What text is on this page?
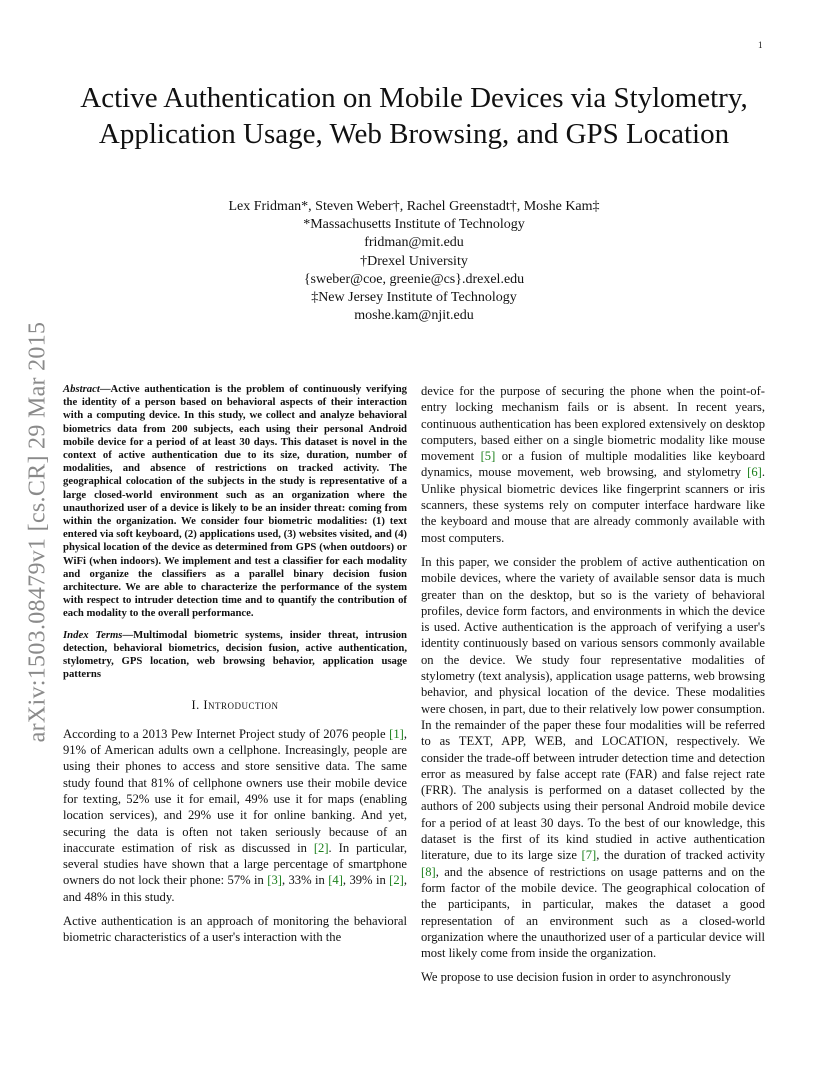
1
arXiv:1503.08479v1 [cs.CR] 29 Mar 2015
Active Authentication on Mobile Devices via Stylometry, Application Usage, Web Browsing, and GPS Location
Lex Fridman*, Steven Weber†, Rachel Greenstadt†, Moshe Kam‡
*Massachusetts Institute of Technology
fridman@mit.edu
†Drexel University
{sweber@coe, greenie@cs}.drexel.edu
‡New Jersey Institute of Technology
moshe.kam@njit.edu

Abstract—Active authentication is the problem of continuously verifying the identity of a person based on behavioral aspects of their interaction with a computing device. In this study, we collect and analyze behavioral biometrics data from 200 subjects, each using their personal Android mobile device for a period of at least 30 days. This dataset is novel in the context of active authentication due to its size, duration, number of modalities, and absence of restrictions on tracked activity. The geographical colocation of the subjects in the study is representative of a large closed-world environment such as an organization where the unauthorized user of a device is likely to be an insider threat: coming from within the organization. We consider four biometric modalities: (1) text entered via soft keyboard, (2) applications used, (3) websites visited, and (4) physical location of the device as determined from GPS (when outdoors) or WiFi (when indoors). We implement and test a classifier for each modality and organize the classifiers as a parallel binary decision fusion architecture. We are able to characterize the performance of the system with respect to intruder detection time and to quantify the contribution of each modality to the overall performance.

Index Terms—Multimodal biometric systems, insider threat, intrusion detection, behavioral biometrics, decision fusion, active authentication, stylometry, GPS location, web browsing behavior, application usage patterns

I. Introduction

According to a 2013 Pew Internet Project study of 2076 people [1], 91% of American adults own a cellphone. Increasingly, people are using their phones to access and store sensitive data. The same study found that 81% of cellphone owners use their mobile device for texting, 52% use it for email, 49% use it for maps (enabling location services), and 29% use it for online banking. And yet, securing the data is often not taken seriously because of an inaccurate estimation of risk as discussed in [2]. In particular, several studies have shown that a large percentage of smartphone owners do not lock their phone: 57% in [3], 33% in [4], 39% in [2], and 48% in this study.

Active authentication is an approach of monitoring the behavioral biometric characteristics of a user's interaction with the

device for the purpose of securing the phone when the point-of-entry locking mechanism fails or is absent. In recent years, continuous authentication has been explored extensively on desktop computers, based either on a single biometric modality like mouse movement [5] or a fusion of multiple modalities like keyboard dynamics, mouse movement, web browsing, and stylometry [6]. Unlike physical biometric devices like fingerprint scanners or iris scanners, these systems rely on computer interface hardware like the keyboard and mouse that are already commonly available with most computers.

In this paper, we consider the problem of active authentication on mobile devices, where the variety of available sensor data is much greater than on the desktop, but so is the variety of behavioral profiles, device form factors, and environments in which the device is used. Active authentication is the approach of verifying a user's identity continuously based on various sensors commonly available on the device. We study four representative modalities of stylometry (text analysis), application usage patterns, web browsing behavior, and physical location of the device. These modalities were chosen, in part, due to their relatively low power consumption. In the remainder of the paper these four modalities will be referred to as TEXT, APP, WEB, and LOCATION, respectively. We consider the trade-off between intruder detection time and detection error as measured by false accept rate (FAR) and false reject rate (FRR). The analysis is performed on a dataset collected by the authors of 200 subjects using their personal Android mobile device for a period of at least 30 days. To the best of our knowledge, this dataset is the first of its kind studied in active authentication literature, due to its large size [7], the duration of tracked activity [8], and the absence of restrictions on usage patterns and on the form factor of the mobile device. The geographical colocation of the participants, in particular, makes the dataset a good representation of an environment such as a closed-world organization where the unauthorized user of a particular device will most likely come from inside the organization.

We propose to use decision fusion in order to asynchronously
